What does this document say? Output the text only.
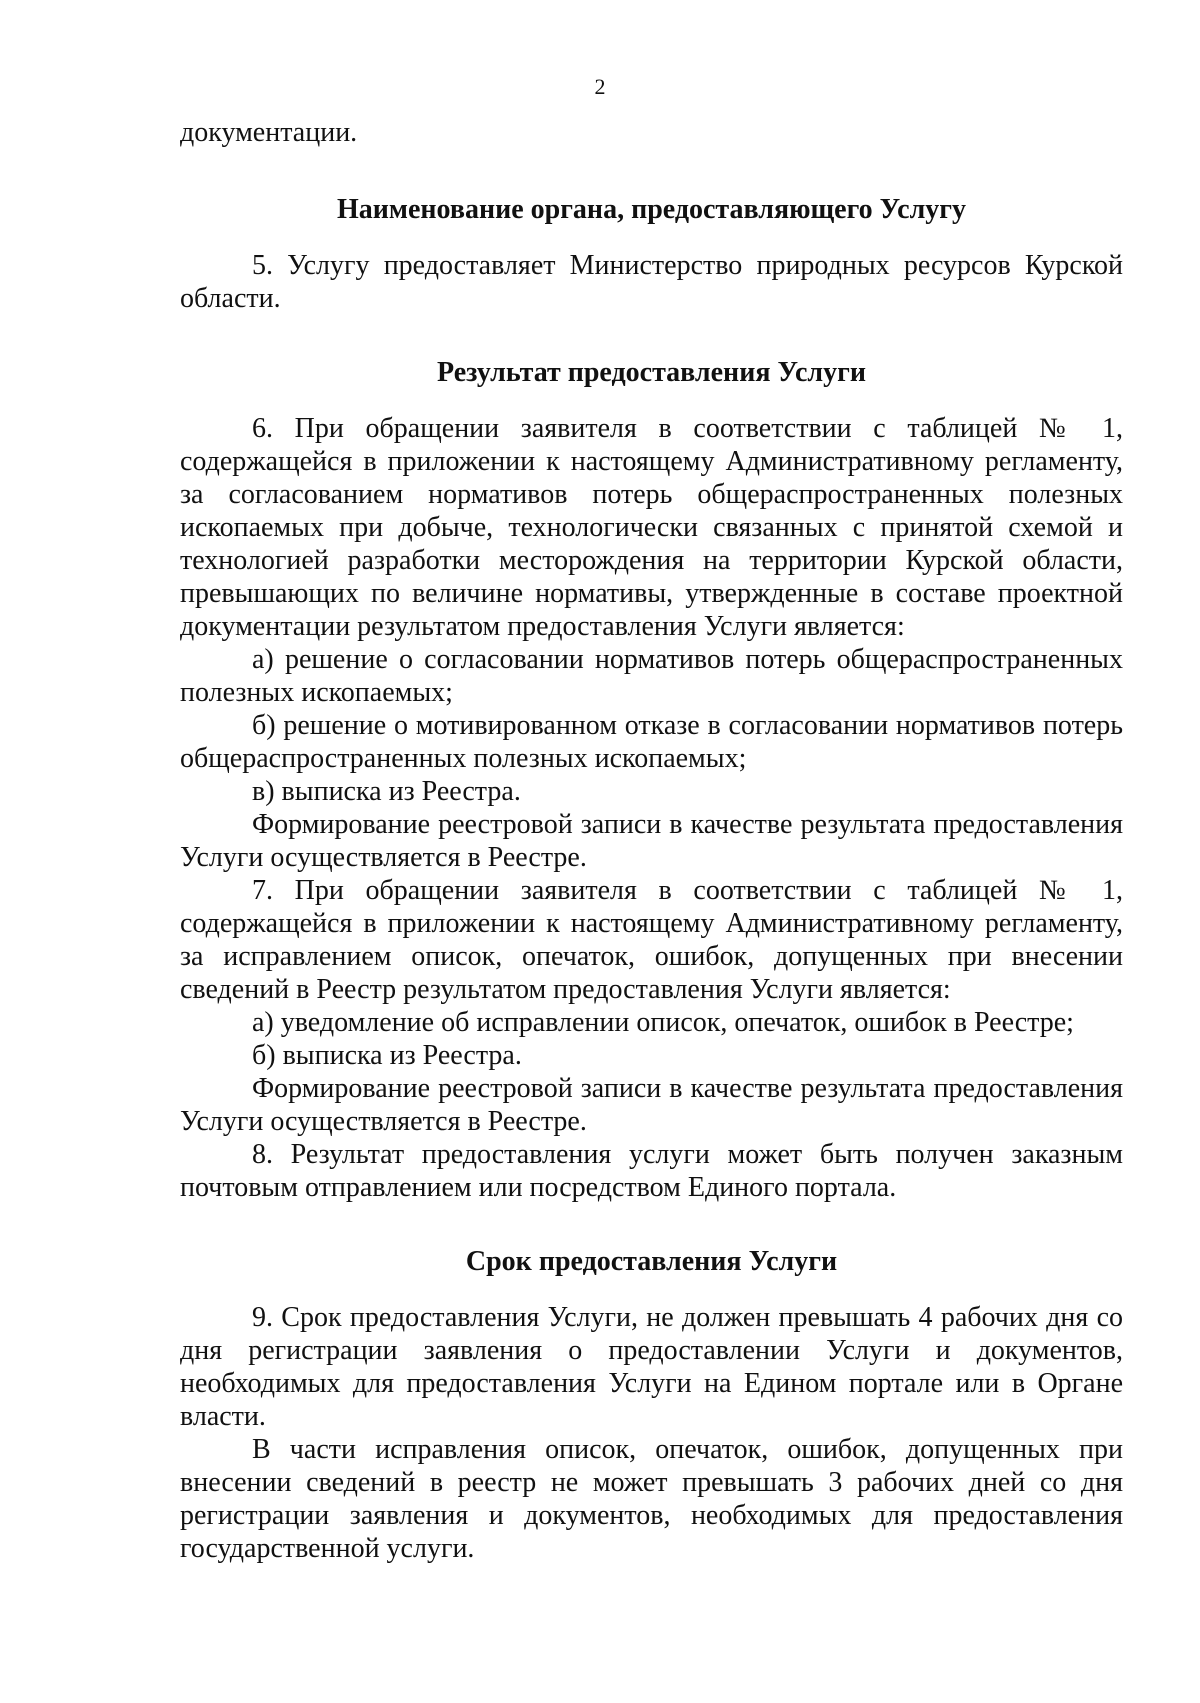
2

документации.

Наименование органа, предоставляющего Услугу

5. Услугу предоставляет Министерство природных ресурсов Курской области.

Результат предоставления Услуги

6. При обращении заявителя в соответствии с таблицей № 1, содержащейся в приложении к настоящему Административному регламенту, за согласованием нормативов потерь общераспространенных полезных ископаемых при добыче, технологически связанных с принятой схемой и технологией разработки месторождения на территории Курской области, превышающих по величине нормативы, утвержденные в составе проектной документации результатом предоставления Услуги является:

а) решение о согласовании нормативов потерь общераспространенных полезных ископаемых;

б) решение о мотивированном отказе в согласовании нормативов потерь общераспространенных полезных ископаемых;

в) выписка из Реестра.

Формирование реестровой записи в качестве результата предоставления Услуги осуществляется в Реестре.

7. При обращении заявителя в соответствии с таблицей № 1, содержащейся в приложении к настоящему Административному регламенту, за исправлением описок, опечаток, ошибок, допущенных при внесении сведений в Реестр результатом предоставления Услуги является:

а) уведомление об исправлении описок, опечаток, ошибок в Реестре;

б) выписка из Реестра.

Формирование реестровой записи в качестве результата предоставления Услуги осуществляется в Реестре.

8. Результат предоставления услуги может быть получен заказным почтовым отправлением или посредством Единого портала.

Срок предоставления Услуги

9. Срок предоставления Услуги, не должен превышать 4 рабочих дня со дня регистрации заявления о предоставлении Услуги и документов, необходимых для предоставления Услуги на Едином портале или в Органе власти.

В части исправления описок, опечаток, ошибок, допущенных при внесении сведений в реестр не может превышать 3 рабочих дней со дня регистрации заявления и документов, необходимых для предоставления государственной услуги.
